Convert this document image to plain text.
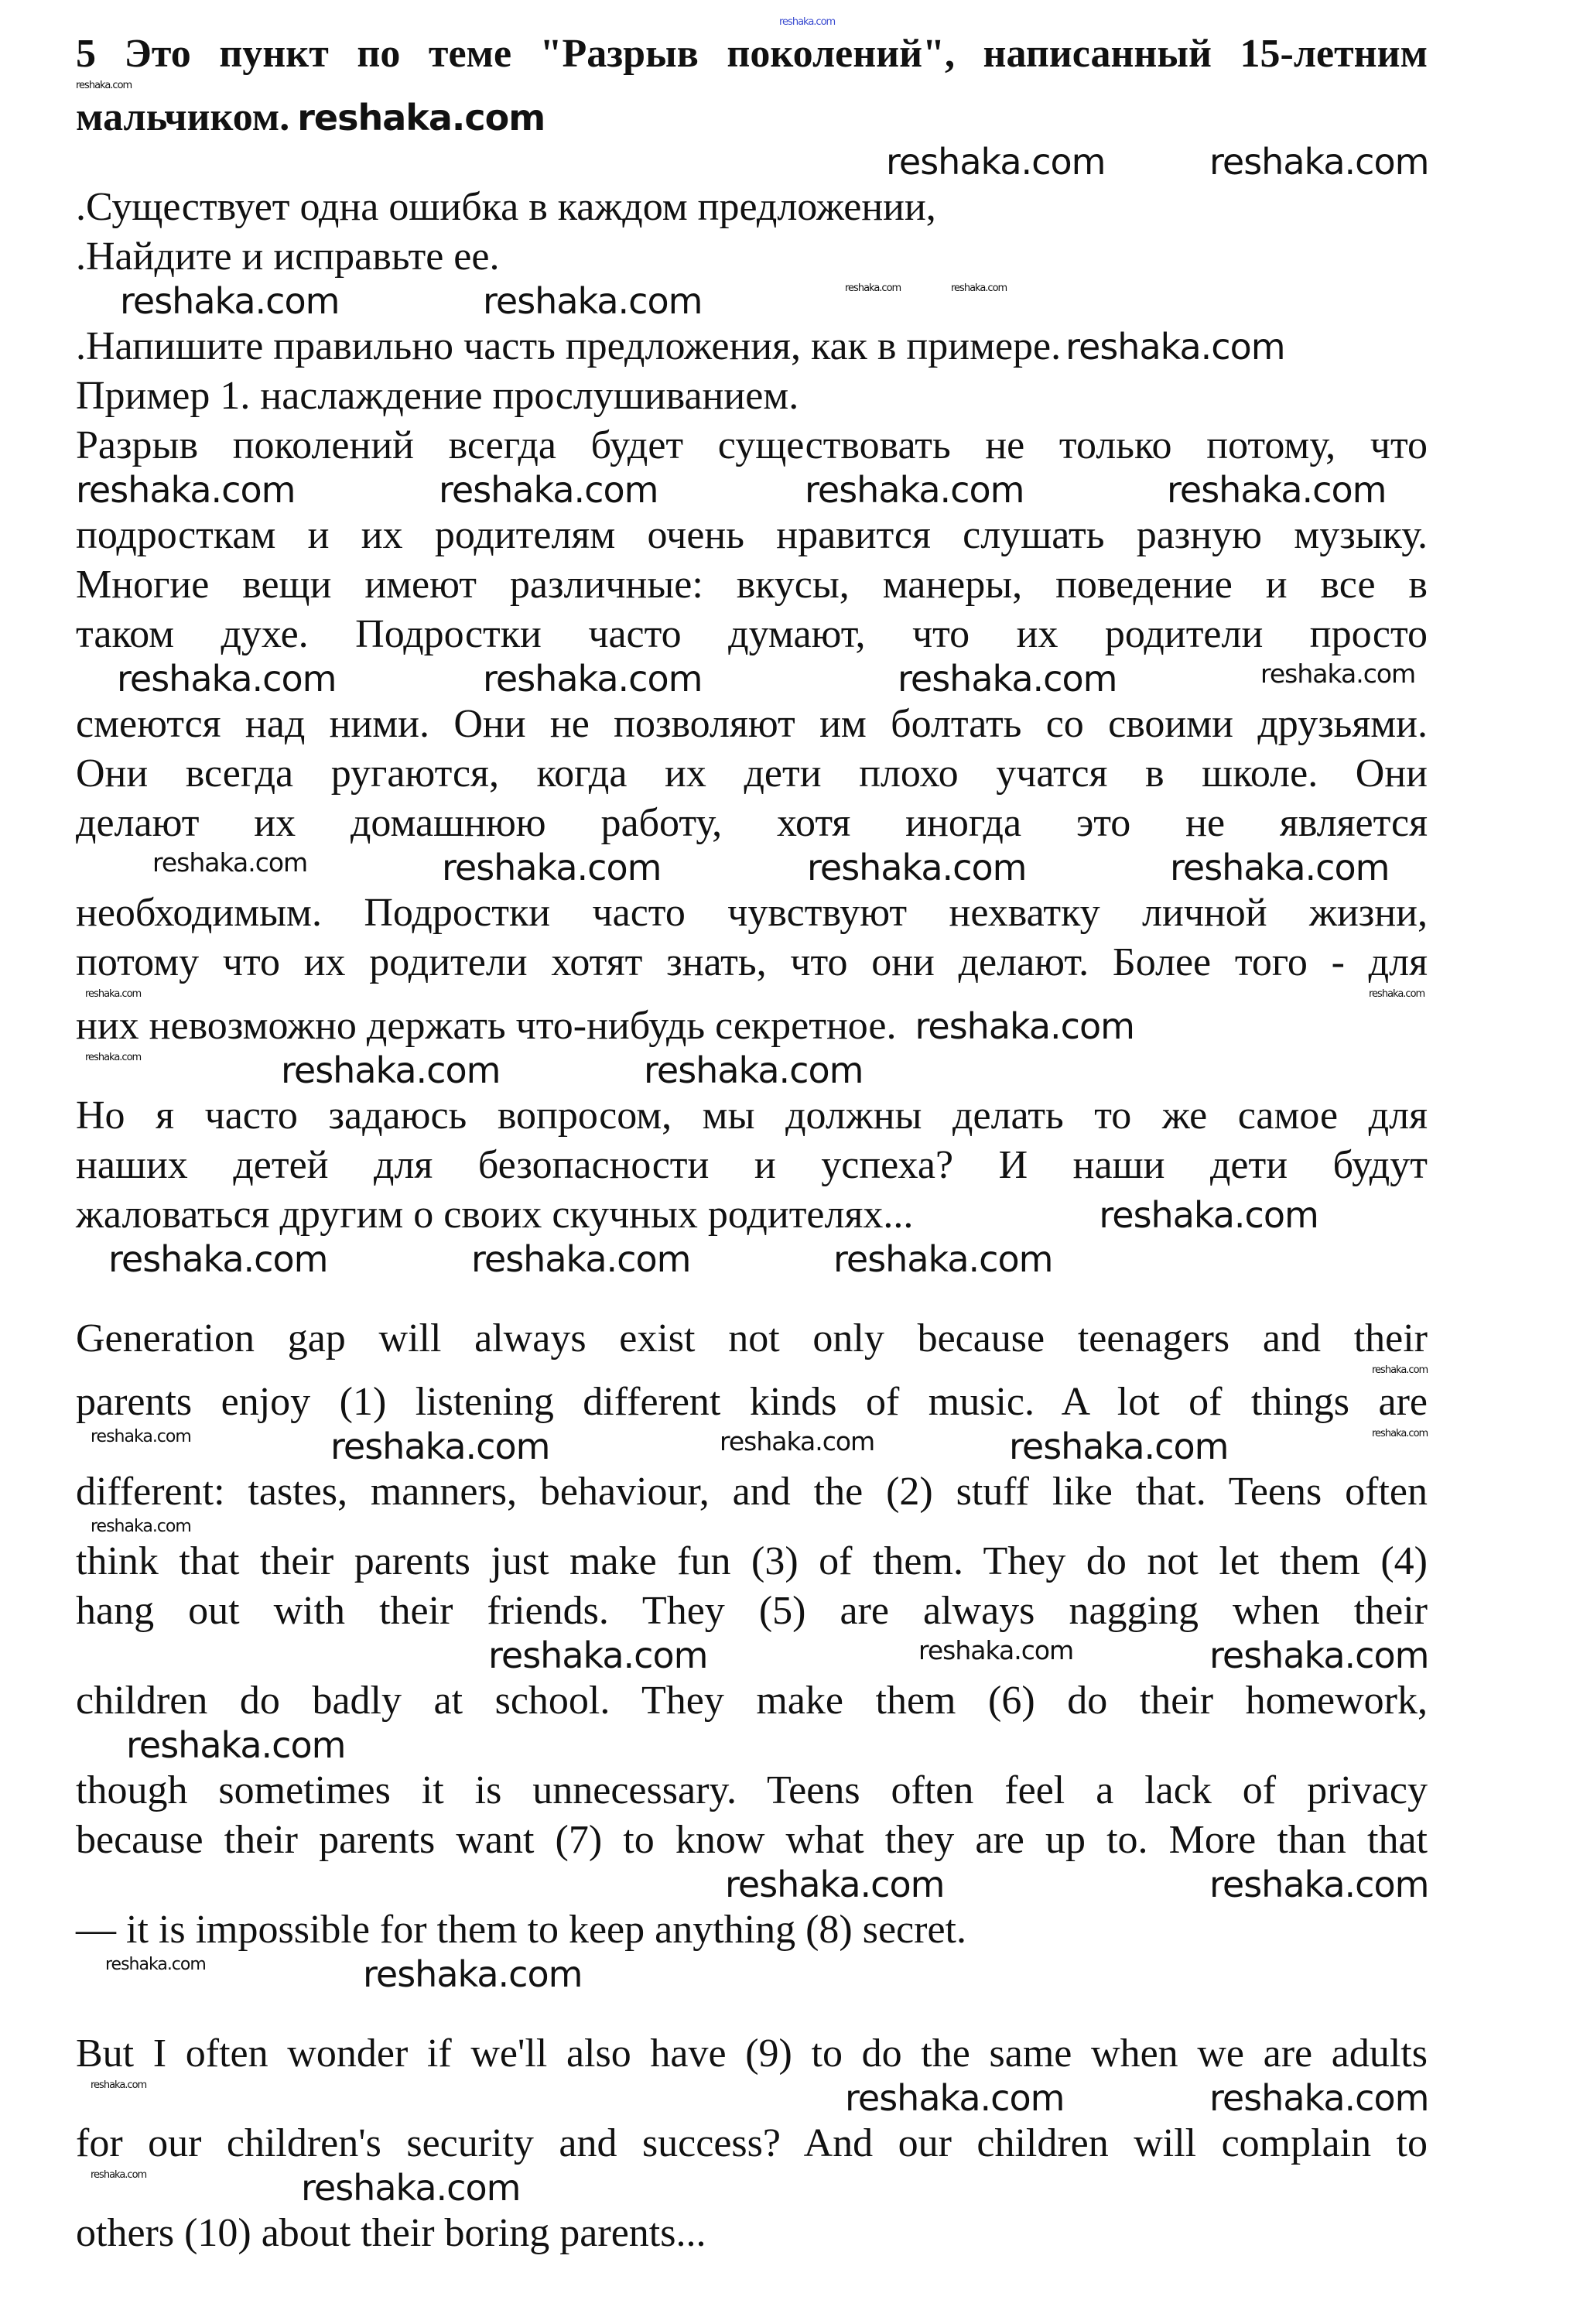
reshaka.com
5 Это пункт по теме "Разрыв поколений", написанный 15-летним
reshaka.com
мальчиком. reshaka.com
reshaka.com	reshaka.com
.Существует одна ошибка в каждом предложении,
.Найдите и исправьте ее.
reshaka.com	reshaka.com	reshaka.com	reshaka.com
.Напишите правильно часть предложения, как в примере. reshaka.com
Пример 1. наслаждение прослушиванием.
Разрыв поколений всегда будет существовать не только потому, что
reshaka.com	reshaka.com	reshaka.com	reshaka.com
подросткам и их родителям очень нравится слушать разную музыку.
Многие вещи имеют различные: вкусы, манеры, поведение и все в
таком духе. Подростки часто думают, что их родители просто
reshaka.com	reshaka.com	reshaka.com	reshaka.com
смеются над ними. Они не позволяют им болтать со своими друзьями.
Они всегда ругаются, когда их дети плохо учатся в школе. Они
делают их домашнюю работу, хотя иногда это не является
reshaka.com	reshaka.com	reshaka.com	reshaka.com
необходимым. Подростки часто чувствуют нехватку личной жизни,
потому что их родители хотят знать, что они делают. Более того - для
reshaka.com	reshaka.com
них невозможно держать что-нибудь секретное. reshaka.com
reshaka.com	reshaka.com	reshaka.com
Но я часто задаюсь вопросом, мы должны делать то же самое для
наших детей для безопасности и успеха? И наши дети будут
жаловаться другим о своих скучных родителях...	reshaka.com
reshaka.com	reshaka.com	reshaka.com
Generation gap will always exist not only because teenagers and their
reshaka.com
parents enjoy (1) listening different kinds of music. A lot of things are
reshaka.com	reshaka.com	reshaka.com	reshaka.com	reshaka.com
different: tastes, manners, behaviour, and the (2) stuff like that. Teens often
reshaka.com
think that their parents just make fun (3) of them. They do not let them (4)
hang out with their friends. They (5) are always nagging when their
reshaka.com	reshaka.com	reshaka.com
children do badly at school. They make them (6) do their homework,
reshaka.com
though sometimes it is unnecessary. Teens often feel a lack of privacy
because their parents want (7) to know what they are up to. More than that
reshaka.com	reshaka.com
— it is impossible for them to keep anything (8) secret.
reshaka.com	reshaka.com
But I often wonder if we'll also have (9) to do the same when we are adults
reshaka.com	reshaka.com	reshaka.com
for our children's security and success? And our children will complain to
reshaka.com	reshaka.com
others (10) about their boring parents...
